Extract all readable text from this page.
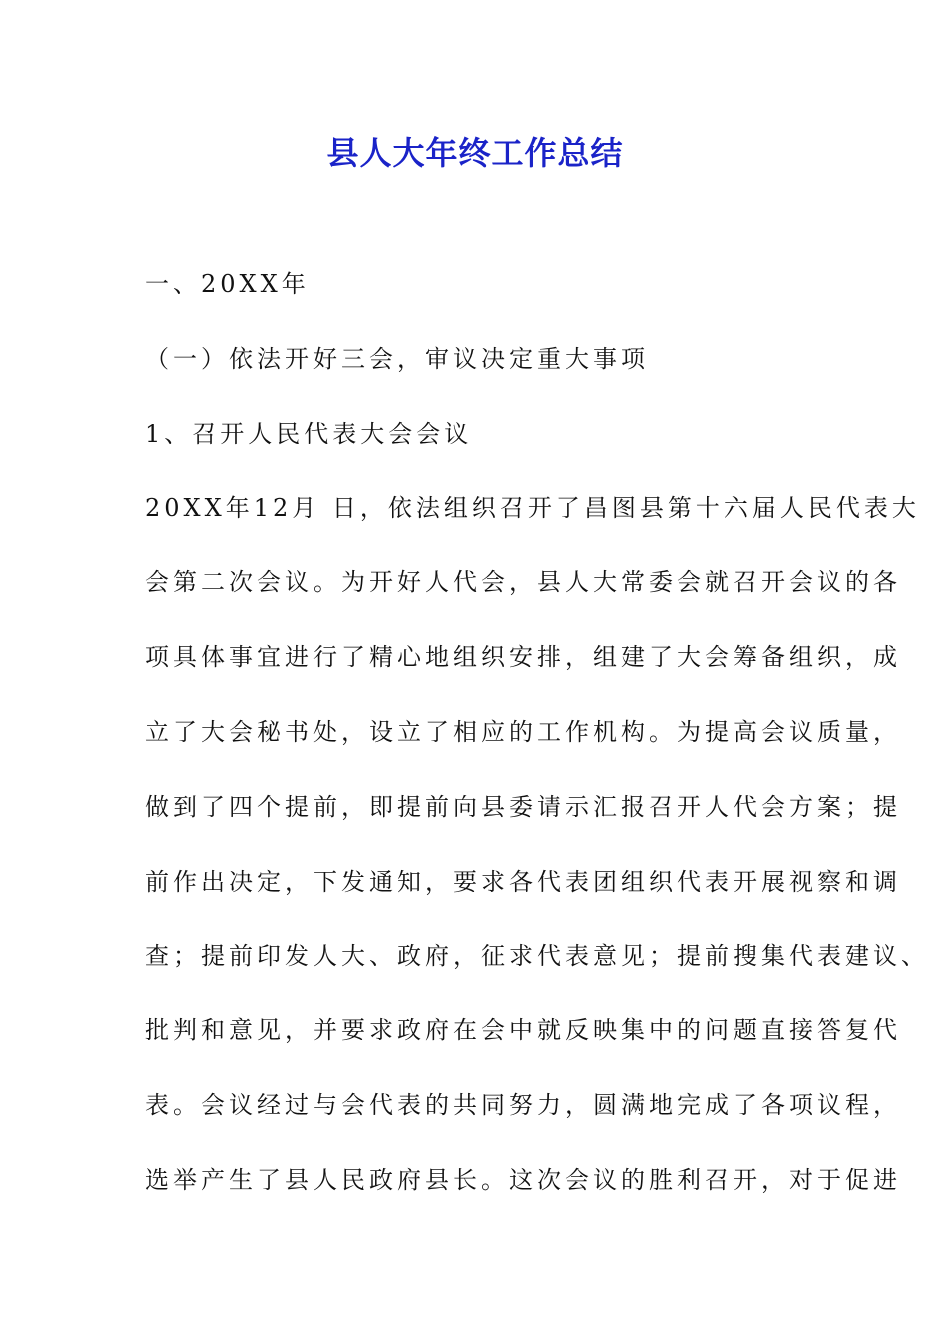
县人大年终工作总结
一、20XX年
（一）依法开好三会，审议决定重大事项
1、召开人民代表大会会议
20XX年12月 日，依法组织召开了昌图县第十六届人民代表大
会第二次会议。为开好人代会，县人大常委会就召开会议的各
项具体事宜进行了精心地组织安排，组建了大会筹备组织，成
立了大会秘书处，设立了相应的工作机构。为提高会议质量，
做到了四个提前，即提前向县委请示汇报召开人代会方案；提
前作出决定，下发通知，要求各代表团组织代表开展视察和调
查；提前印发人大、政府，征求代表意见；提前搜集代表建议、
批判和意见，并要求政府在会中就反映集中的问题直接答复代
表。会议经过与会代表的共同努力，圆满地完成了各项议程，
选举产生了县人民政府县长。这次会议的胜利召开，对于促进
